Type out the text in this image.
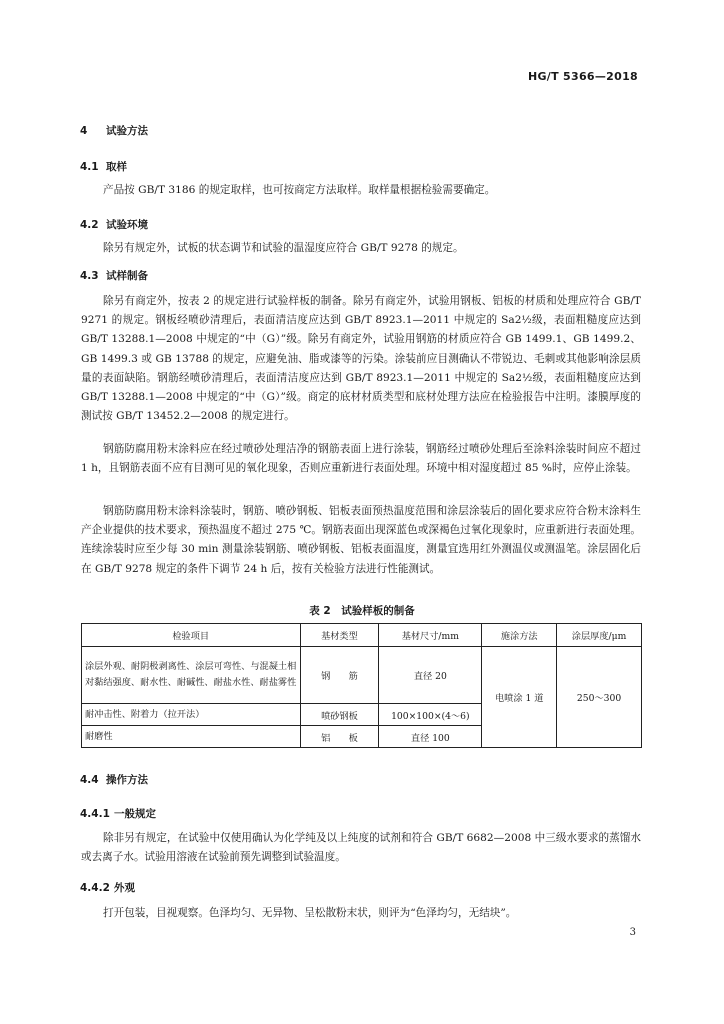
HG/T 5366—2018
4 试验方法
4.1 取样

产品按 GB/T 3186 的规定取样，也可按商定方法取样。取样量根据检验需要确定。

4.2 试验环境

除另有规定外，试板的状态调节和试验的温湿度应符合 GB/T 9278 的规定。

4.3 试样制备

除另有商定外，按表 2 的规定进行试验样板的制备。除另有商定外，试验用钢板、铝板的材质和处理应符合 GB/T 9271 的规定。钢板经喷砂清理后，表面清洁度应达到 GB/T 8923.1—2011 中规定的 Sa2½级，表面粗糙度应达到 GB/T 13288.1—2008 中规定的“中（G）”级。除另有商定外，试验用钢筋的材质应符合 GB 1499.1、GB 1499.2、GB 1499.3 或 GB 13788 的规定，应避免油、脂或漆等的污染。涂装前应目测确认不带锐边、毛刺或其他影响涂层质量的表面缺陷。钢筋经喷砂清理后，表面清洁度应达到 GB/T 8923.1—2011 中规定的 Sa2½级，表面粗糙度应达到 GB/T 13288.1—2008 中规定的“中（G）”级。商定的底材材质类型和底材处理方法应在检验报告中注明。漆膜厚度的测试按 GB/T 13452.2—2008 的规定进行。

钢筋防腐用粉末涂料应在经过喷砂处理洁净的钢筋表面上进行涂装，钢筋经过喷砂处理后至涂料涂装时间应不超过 1 h，且钢筋表面不应有目测可见的氧化现象，否则应重新进行表面处理。环境中相对湿度超过 85 %时，应停止涂装。

钢筋防腐用粉末涂料涂装时，钢筋、喷砂钢板、铝板表面预热温度范围和涂层涂装后的固化要求应符合粉末涂料生产企业提供的技术要求，预热温度不超过 275 ℃。钢筋表面出现深蓝色或深褐色过氧化现象时，应重新进行表面处理。连续涂装时应至少每 30 min 测量涂装钢筋、喷砂钢板、铝板表面温度，测量宜选用红外测温仪或测温笔。涂层固化后在 GB/T 9278 规定的条件下调节 24 h 后，按有关检验方法进行性能测试。

表 2　试验样板的制备
检验项目	基材类型	基材尺寸/mm	施涂方法	涂层厚度/μm
涂层外观、耐阴极剥离性、涂层可弯性、与混凝土相对黏结强度、耐水性、耐碱性、耐盐水性、耐盐雾性	钢　　筋	直径 20	电喷涂 1 道	250～300
耐冲击性、附着力（拉开法）	喷砂钢板	100×100×(4～6)		
耐磨性	铝　　板	直径 100		
4.4 操作方法
4.4.1 一般规定

除非另有规定，在试验中仅使用确认为化学纯及以上纯度的试剂和符合 GB/T 6682—2008 中三级水要求的蒸馏水或去离子水。试验用溶液在试验前预先调整到试验温度。

4.4.2 外观

打开包装，目视观察。色泽均匀、无异物、呈松散粉末状，则评为“色泽均匀，无结块”。

3
